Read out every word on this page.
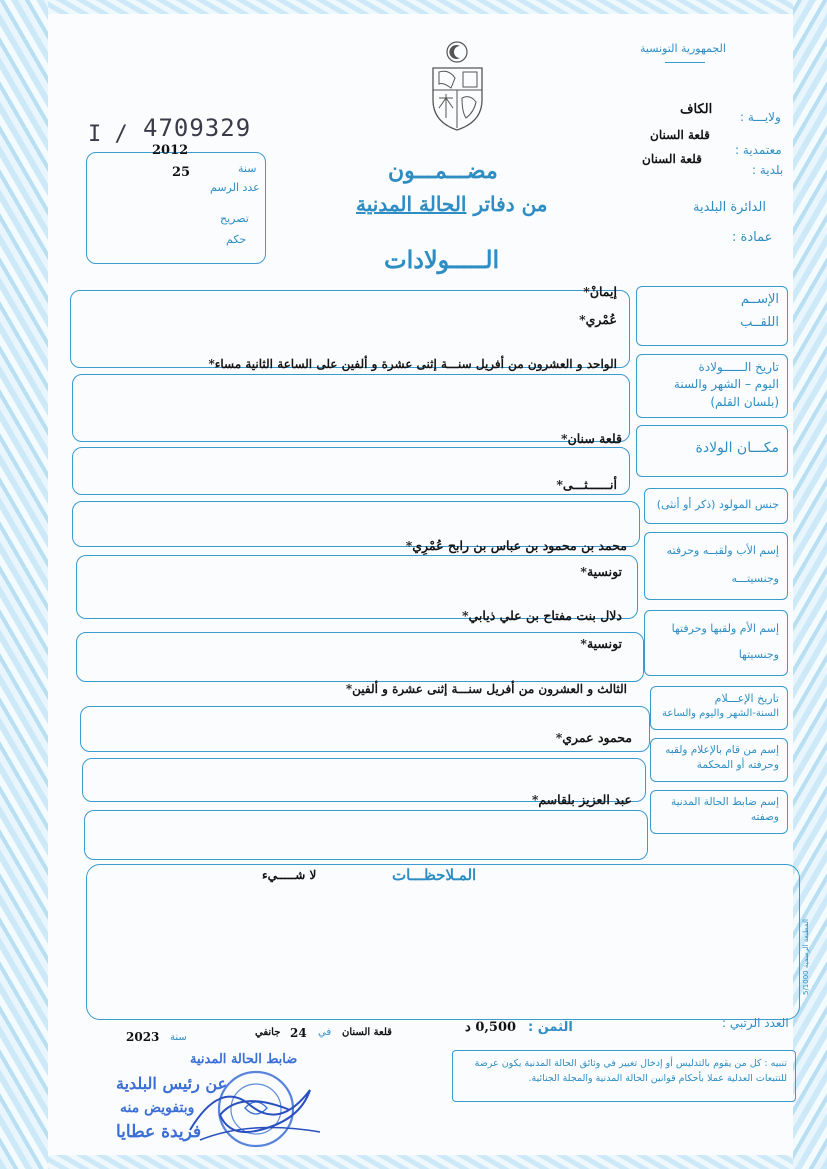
الجمهورية التونسية
ولايـــة :
الكاف
معتمدية :
قلعة السنان
بلدية :
قلعة السنان
الدائرة البلدية
عمادة :
I / 4709329
2012
سنة
25
عدد الرسم
تصريح
حكم
مضـــمـــون
من دفاتر الحالة المدنية
الـــــولادات
الإســم
اللقــب
إيمانْ*
عُمْري*
تاريخ الــــــولادة
اليوم – الشهر والسنة
(بلسان القلم)
الواحد و العشرون من أفريل سنـــة إثنى عشرة و ألفين على الساعة الثانية مساء*
مكـــان الولادة
قلعة سنان*
جنس المولود (ذكر أو أنثى)
أنــــــثـــى*
إسم الأب ولقبــه وحرفته
وجنسيتـــه
محمد بن محمود بن عباس بن رابح عُمْرِي*
تونسية*
إسم الأم ولقبها وحرفتها
وجنسيتها
دلال بنت مفتاح بن علي ذيابي*
تونسية*
تاريخ الإعـــلام
السنة-الشهر واليوم والساعة
الثالث و العشرون من أفريل سنـــة إثنى عشرة و ألفين*
إسم من قام بالإعلام ولقبه
وحرفته أو المحكمة
محمود عمري*
إسم ضابط الحالة المدنية
وصفته
عبد العزيز بلقاسم*
المـلاحظـــات
لا شـــــيء
المطبعة الرسمية 5/1000
العدد الرتبي :
الثمن :
0,500 د
قلعة السنان
في
24
جانفي
سنة
2023
تنبيه : كل من يقوم بالتدليس أو إدخال تغيير في وثائق الحالة المدنية يكون عرضة للتتبعات العدلية عملا بأحكام قوانين الحالة المدنية والمجلة الجنائية.
ضابط الحالة المدنية
عن رئيس البلدية
وبتفويض منه
فريدة عطايا
